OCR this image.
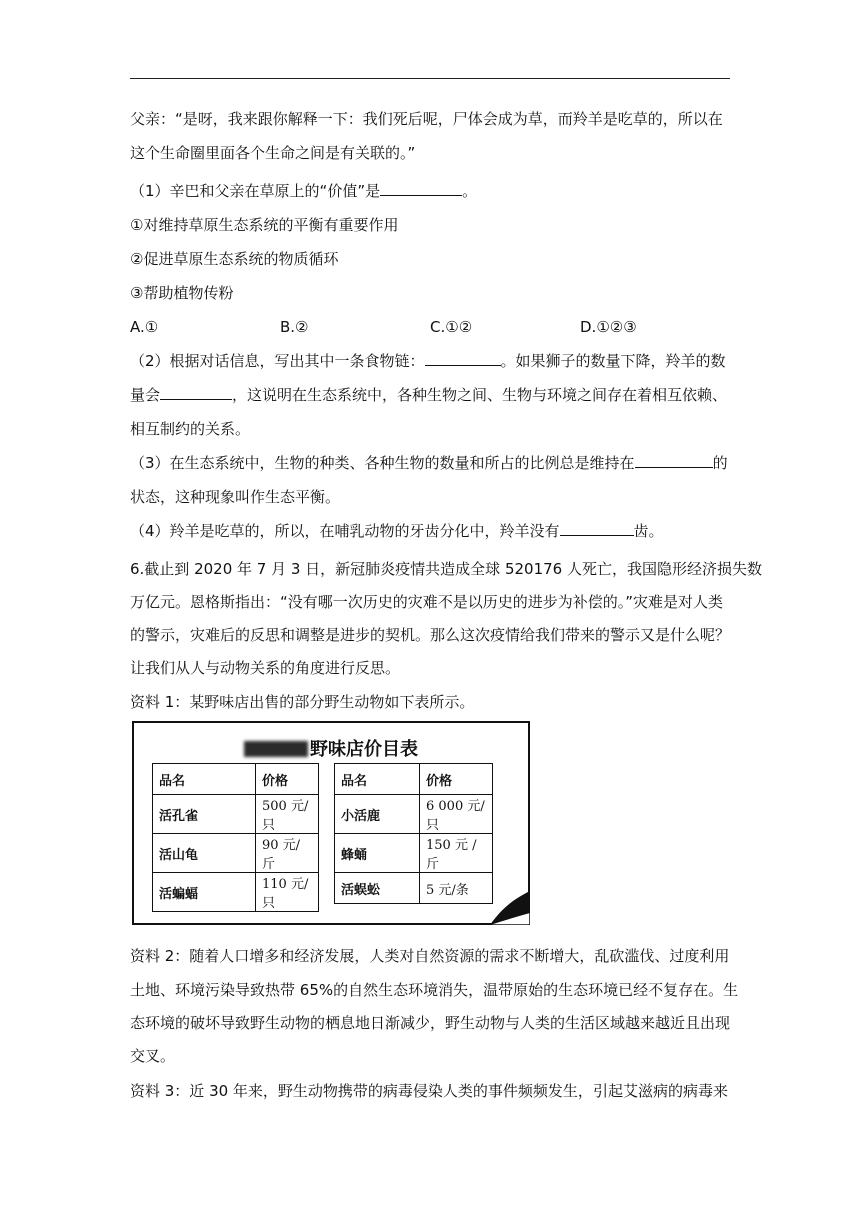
父亲：“是呀，我来跟你解释一下：我们死后呢，尸体会成为草，而羚羊是吃草的，所以在
这个生命圈里面各个生命之间是有关联的。”
（1）辛巴和父亲在草原上的“价值”是	。
①对维持草原生态系统的平衡有重要作用
②促进草原生态系统的物质循环
③帮助植物传粉
A.①	B.②	C.①②	D.①②③
（2）根据对话信息，写出其中一条食物链：	。如果狮子的数量下降，羚羊的数
量会	，这说明在生态系统中，各种生物之间、生物与环境之间存在着相互依赖、
相互制约的关系。
（3）在生态系统中，生物的种类、各种生物的数量和所占的比例总是维持在	的
状态，这种现象叫作生态平衡。
（4）羚羊是吃草的，所以，在哺乳动物的牙齿分化中，羚羊没有	齿。
6.截止到 2020 年 7 月 3 日，新冠肺炎疫情共造成全球 520176 人死亡，我国隐形经济损失数
万亿元。恩格斯指出：“没有哪一次历史的灾难不是以历史的进步为补偿的。”灾难是对人类
的警示，灾难后的反思和调整是进步的契机。那么这次疫情给我们带来的警示又是什么呢？
让我们从人与动物关系的角度进行反思。
资料 1：某野味店出售的部分野生动物如下表所示。
野味店价目表
品名	价格
活孔雀	500 元/只
活山龟	90 元/斤
活蝙蝠	110 元/只
品名	价格
小活鹿	6 000 元/只
蜂蛹	150 元 /斤
活蜈蚣	5 元/条
资料 2：随着人口增多和经济发展，人类对自然资源的需求不断增大，乱砍滥伐、过度利用
土地、环境污染导致热带 65%的自然生态环境消失，温带原始的生态环境已经不复存在。生
态环境的破坏导致野生动物的栖息地日渐减少，野生动物与人类的生活区域越来越近且出现
交叉。
资料 3：近 30 年来，野生动物携带的病毒侵染人类的事件频频发生，引起艾滋病的病毒来
